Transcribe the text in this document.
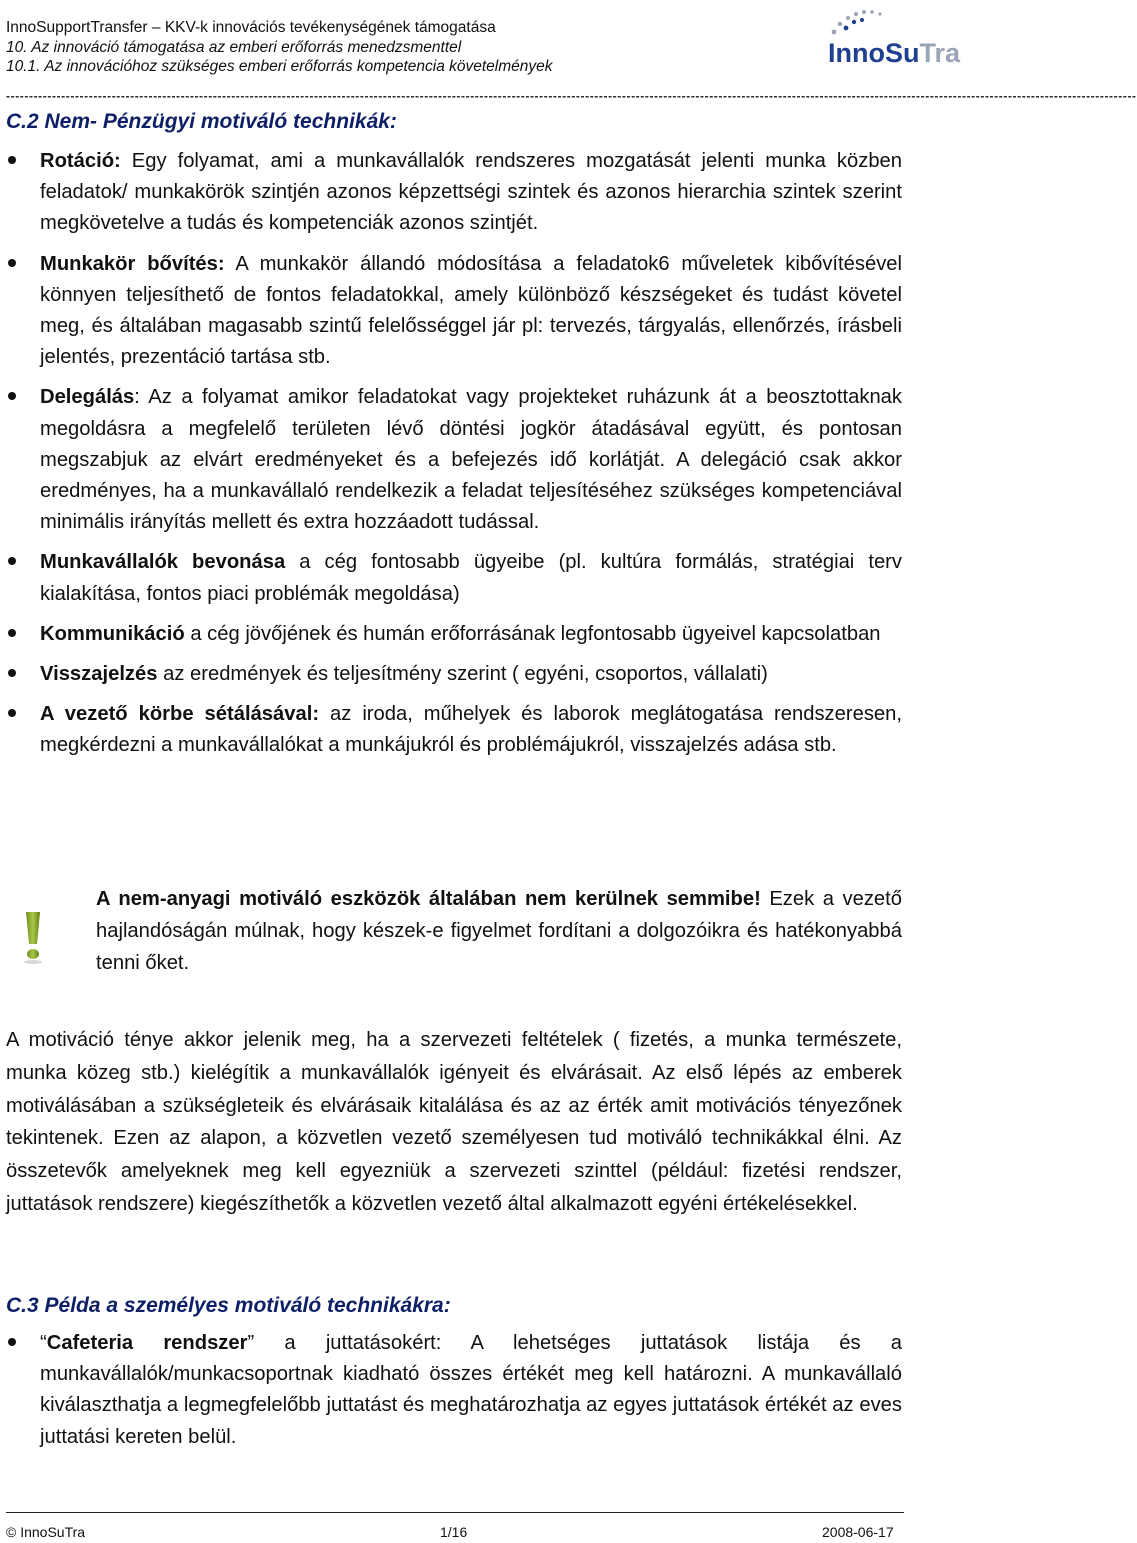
InnoSupportTransfer – KKV-k innovációs tevékenységének támogatása
10. Az innováció támogatása az emberi erőforrás menedzsmenttel
10.1. Az innovációhoz szükséges emberi erőforrás kompetencia követelmények	InnoSuTra
------------------------------------------------------------------------------------------------------------------------------------------------------------------------------------------------------------------------------------------------------
C.2 Nem- Pénzügyi motiváló technikák:
Rotáció: Egy folyamat, ami a munkavállalók rendszeres mozgatását jelenti munka közben feladatok/ munkakörök szintjén azonos képzettségi szintek és azonos hierarchia szintek szerint megkövetelve a tudás és kompetenciák azonos szintjét.
Munkakör bővítés: A munkakör állandó módosítása a feladatok6 műveletek kibővítésével könnyen teljesíthető de fontos feladatokkal, amely különböző készségeket és tudást követel meg, és általában magasabb szintű felelősséggel jár pl: tervezés, tárgyalás, ellenőrzés, írásbeli jelentés, prezentáció tartása stb.
Delegálás: Az a folyamat amikor feladatokat vagy projekteket ruházunk át a beosztottaknak megoldásra a megfelelő területen lévő döntési jogkör átadásával együtt, és pontosan megszabjuk az elvárt eredményeket és a befejezés idő korlátját. A delegáció csak akkor eredményes, ha a munkavállaló rendelkezik a feladat teljesítéséhez szükséges kompetenciával minimális irányítás mellett és extra hozzáadott tudással.
Munkavállalók bevonása a cég fontosabb ügyeibe (pl. kultúra formálás, stratégiai terv kialakítása, fontos piaci problémák megoldása)
Kommunikáció a cég jövőjének és humán erőforrásának legfontosabb ügyeivel kapcsolatban
Visszajelzés az eredmények és teljesítmény szerint ( egyéni, csoportos, vállalati)
A vezető körbe sétálásával: az iroda, műhelyek és laborok meglátogatása rendszeresen, megkérdezni a munkavállalókat a munkájukról és problémájukról, visszajelzés adása stb.
A nem-anyagi motiváló eszközök általában nem kerülnek semmibe! Ezek a vezető hajlandóságán múlnak, hogy készek-e figyelmet fordítani a dolgozóikra és hatékonyabbá tenni őket.
A motiváció ténye akkor jelenik meg, ha a szervezeti feltételek ( fizetés, a munka természete, munka közeg stb.) kielégítik a munkavállalók igényeit és elvárásait. Az első lépés az emberek motiválásában a szükségleteik és elvárásaik kitalálása és az az érték amit motivációs tényezőnek tekintenek. Ezen az alapon, a közvetlen vezető személyesen tud motiváló technikákkal élni. Az összetevők amelyeknek meg kell egyezniük a szervezeti szinttel (például: fizetési rendszer, juttatások rendszere) kiegészíthetők a közvetlen vezető által alkalmazott egyéni értékelésekkel.
C.3 Példa a személyes motiváló technikákra:
“Cafeteria rendszer” a juttatásokért: A lehetséges juttatások listája és a munkavállalók/munkacsoportnak kiadható összes értékét meg kell határozni. A munkavállaló kiválaszthatja a legmegfelelőbb juttatást és meghatározhatja az egyes juttatások értékét az eves juttatási kereten belül.
© InnoSuTra	1/16	2008-06-17
